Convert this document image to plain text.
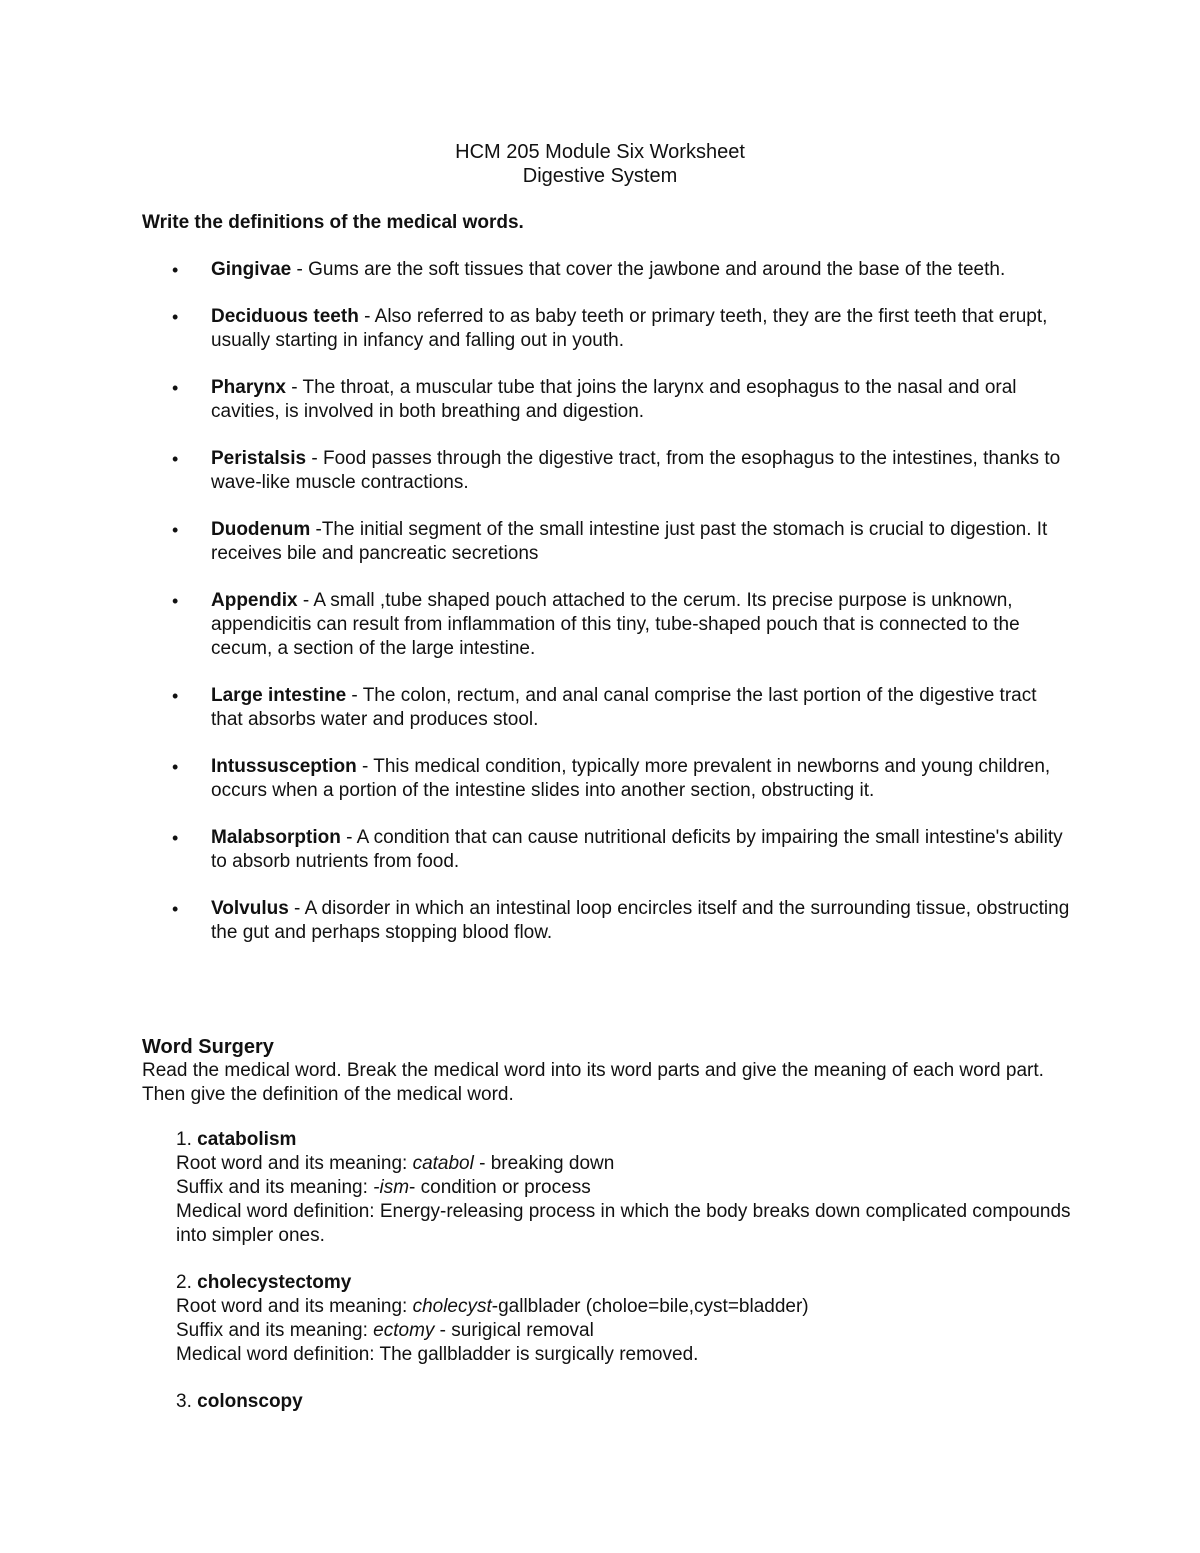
HCM 205 Module Six Worksheet
Digestive System
Write the definitions of the medical words.
• Gingivae - Gums are the soft tissues that cover the jawbone and around the base of the teeth.
• Deciduous teeth - Also referred to as baby teeth or primary teeth, they are the first teeth that erupt, usually starting in infancy and falling out in youth.
• Pharynx - The throat, a muscular tube that joins the larynx and esophagus to the nasal and oral cavities, is involved in both breathing and digestion.
• Peristalsis - Food passes through the digestive tract, from the esophagus to the intestines, thanks to wave-like muscle contractions.
• Duodenum -The initial segment of the small intestine just past the stomach is crucial to digestion. It receives bile and pancreatic secretions
• Appendix - A small ,tube shaped pouch attached to the cerum. Its precise purpose is unknown, appendicitis can result from inflammation of this tiny, tube-shaped pouch that is connected to the cecum, a section of the large intestine.
• Large intestine - The colon, rectum, and anal canal comprise the last portion of the digestive tract that absorbs water and produces stool.
• Intussusception - This medical condition, typically more prevalent in newborns and young children, occurs when a portion of the intestine slides into another section, obstructing it.
• Malabsorption - A condition that can cause nutritional deficits by impairing the small intestine's ability to absorb nutrients from food.
• Volvulus - A disorder in which an intestinal loop encircles itself and the surrounding tissue, obstructing the gut and perhaps stopping blood flow.
Word Surgery
Read the medical word. Break the medical word into its word parts and give the meaning of each word part. Then give the definition of the medical word.
1. catabolism
Root word and its meaning: catabol - breaking down
Suffix and its meaning: -ism- condition or process
Medical word definition: Energy-releasing process in which the body breaks down complicated compounds into simpler ones.
2. cholecystectomy
Root word and its meaning: cholecyst-gallblader (choloe=bile,cyst=bladder)
Suffix and its meaning: ectomy - surigical removal
Medical word definition: The gallbladder is surgically removed.
3. colonscopy
